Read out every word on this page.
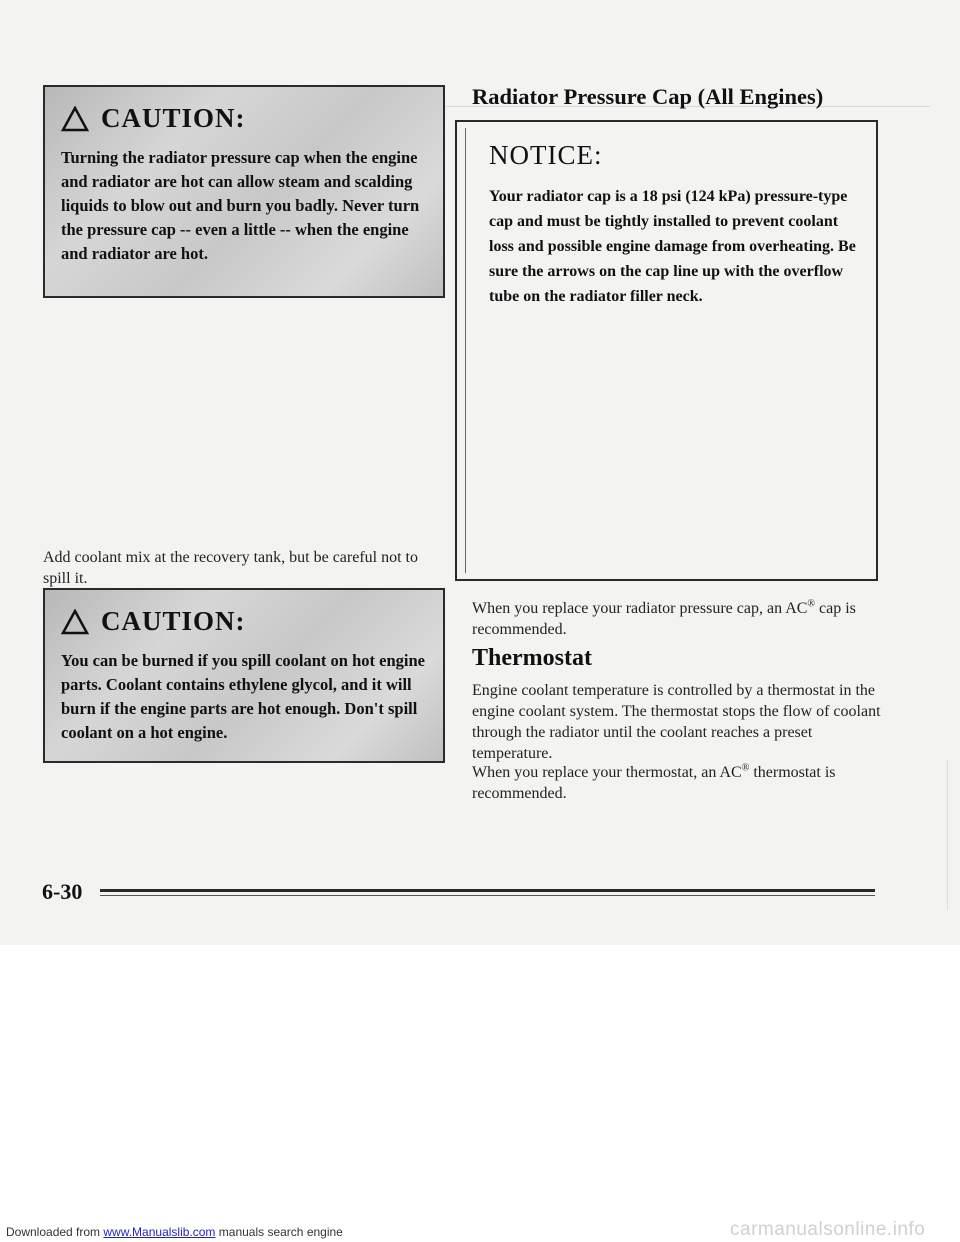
CAUTION:
Turning the radiator pressure cap when the engine and radiator are hot can allow steam and scalding liquids to blow out and burn you badly. Never turn the pressure cap -- even a little -- when the engine and radiator are hot.
Add coolant mix at the recovery tank, but be careful not to spill it.
CAUTION:
You can be burned if you spill coolant on hot engine parts. Coolant contains ethylene glycol, and it will burn if the engine parts are hot enough. Don't spill coolant on a hot engine.
Radiator Pressure Cap (All Engines)
NOTICE:
Your radiator cap is a 18 psi (124 kPa) pressure-type cap and must be tightly installed to prevent coolant loss and possible engine damage from overheating. Be sure the arrows on the cap line up with the overflow tube on the radiator filler neck.
When you replace your radiator pressure cap, an AC® cap is recommended.
Thermostat
Engine coolant temperature is controlled by a thermostat in the engine coolant system. The thermostat stops the flow of coolant through the radiator until the coolant reaches a preset temperature.
When you replace your thermostat, an AC® thermostat is recommended.
6-30
Downloaded from www.Manualslib.com manuals search engine	carmanualsonline.info
